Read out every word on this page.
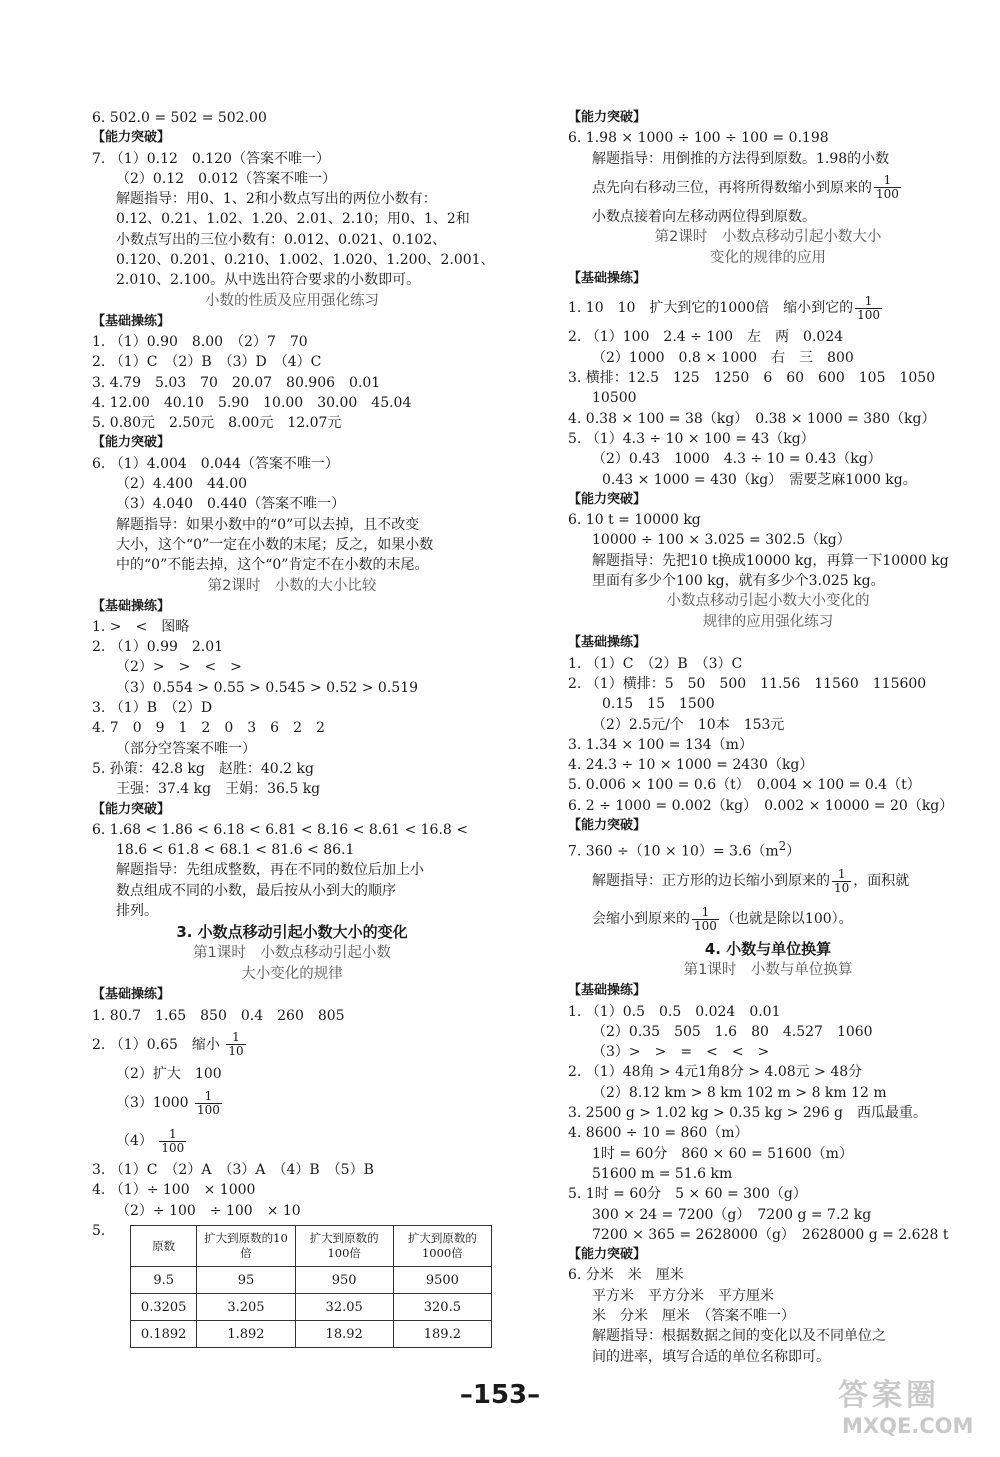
6. 502.0 = 502 = 502.00
【能力突破】
7. （1）0.12　0.120（答案不唯一）
（2）0.12　0.012（答案不唯一）
解题指导：用0、1、2和小数点写出的两位小数有：
0.12、0.21、1.02、1.20、2.01、2.10；用0、1、2和
小数点写出的三位小数有：0.012、0.021、0.102、
0.120、0.201、0.210、1.002、1.020、1.200、2.001、
2.010、2.100。从中选出符合要求的小数即可。
小数的性质及应用强化练习
【基础操练】
1. （1）0.90　8.00　（2）7　70
2. （1）C　（2）B　（3）D　（4）C
3. 4.79　5.03　70　20.07　80.906　0.01
4. 12.00　40.10　5.90　10.00　30.00　45.04
5. 0.80元　2.50元　8.00元　12.07元
【能力突破】
6. （1）4.004　0.044（答案不唯一）
（2）4.400　44.00
（3）4.040　0.440（答案不唯一）
解题指导：如果小数中的“0”可以去掉，且不改变
大小，这个“0”一定在小数的末尾；反之，如果小数
中的“0”不能去掉，这个“0”肯定不在小数的末尾。
第2课时　小数的大小比较
【基础操练】
1. >　<　图略
2. （1）0.99　2.01
（2）>　>　<　>
（3）0.554 > 0.55 > 0.545 > 0.52 > 0.519
3. （1）B　（2）D
4. 7　0　9　1　2　0　3　6　2　2
（部分空答案不唯一）
5. 孙策：42.8 kg　赵胜：40.2 kg
王强：37.4 kg　王娟：36.5 kg
【能力突破】
6. 1.68 < 1.86 < 6.18 < 6.81 < 8.16 < 8.61 < 16.8 <
18.6 < 61.8 < 68.1 < 81.6 < 86.1
解题指导：先组成整数，再在不同的数位后加上小
数点组成不同的小数，最后按从小到大的顺序
排列。
3. 小数点移动引起小数大小的变化
第1课时　小数点移动引起小数
大小变化的规律
【基础操练】
1. 80.7　1.65　850　0.4　260　805
2. （1）0.65　缩小 $\frac{1}{10}$
（2）扩大　100
$(3)1000 \frac{1}{100}$
$(4) \frac{1}{100}$
3. （1）C　（2）A　（3）A　（4）B　（5）B
4. （1）÷ 100　× 1000
（2）÷ 100　÷ 100　× 10
5.
原数	扩大到原数的10倍	扩大到原数的100倍	扩大到原数的1000倍
9.5	95	950	9500
0.3205	3.205	32.05	320.5
0.1892	1.892	18.92	189.2
【能力突破】
6. 1.98 × 1000 ÷ 100 ÷ 100 = 0.198
解题指导：用倒推的方法得到原数。1.98的小数
点先向右移动三位，再将所得数缩小到原来的 $\frac{1}{100}$
小数点接着向左移动两位得到原数。
第2课时　小数点移动引起小数大小
变化的规律的应用
【基础操练】
1. 10　10　扩大到它的1000倍　缩小到它的 $\frac{1}{100}$
2. （1）100　2.4 ÷ 100　左　两　0.024
（2）1000　0.8 × 1000　右　三　800
3. 横排：12.5　125　1250　6　60　600　105　1050
10500
4. 0.38 × 100 = 38（kg）　0.38 × 1000 = 380（kg）
5. （1）4.3 ÷ 10 × 100 = 43（kg）
（2）0.43　1000　4.3 ÷ 10 = 0.43（kg）
0.43 × 1000 = 430（kg）　需要芝麻1000 kg。
【能力突破】
6. 10 t = 10000 kg
10000 ÷ 100 × 3.025 = 302.5（kg）
解题指导：先把10 t换成10000 kg，再算一下10000 kg
里面有多少个100 kg，就有多少个3.025 kg。
小数点移动引起小数大小变化的
规律的应用强化练习
【基础操练】
1. （1）C　（2）B　（3）C
2. （1）横排：5　50　500　11.56　11560　115600
0.15　15　1500
（2）2.5元/个　10本　153元
3. 1.34 × 100 = 134（m）
4. 24.3 ÷ 10 × 1000 = 2430（kg）
5. 0.006 × 100 = 0.6（t）　0.004 × 100 = 0.4（t）
6. 2 ÷ 1000 = 0.002（kg）　0.002 × 10000 = 20（kg）
【能力突破】
7. $360 \div(10 \times 10)= 3.6(m^2)$
解题指导：正方形的边长缩小到原来的 $\frac{1}{10}$ ，面积就
会缩小到原来的 $\frac{1}{100}$ （也就是除以100）。
4. 小数与单位换算
第1课时　小数与单位换算
【基础操练】
1. （1）0.5　0.5　0.024　0.01
（2）0.35　505　1.6　80　4.527　1060
（3）>　>　=　<　<　>
2. （1）48角 > 4元1角8分 > 4.08元 > 48分
（2）8.12 km > 8 km 102 m > 8 km 12 m
3. 2500 g > 1.02 kg > 0.35 kg > 296 g　西瓜最重。
4. 8600 ÷ 10 = 860（m）
1时 = 60分　860 × 60 = 51600（m）
51600 m = 51.6 km
5. 1时 = 60分　5 × 60 = 300（g）
300 × 24 = 7200（g）　7200 g = 7.2 kg
7200 × 365 = 2628000（g）　2628000 g = 2.628 t
【能力突破】
6. 分米　米　厘米
平方米　平方分米　平方厘米
米　分米　厘米　（答案不唯一）
解题指导：根据数据之间的变化以及不同单位之
间的进率，填写合适的单位名称即可。
–153–	答案圈
MXQE.COM
